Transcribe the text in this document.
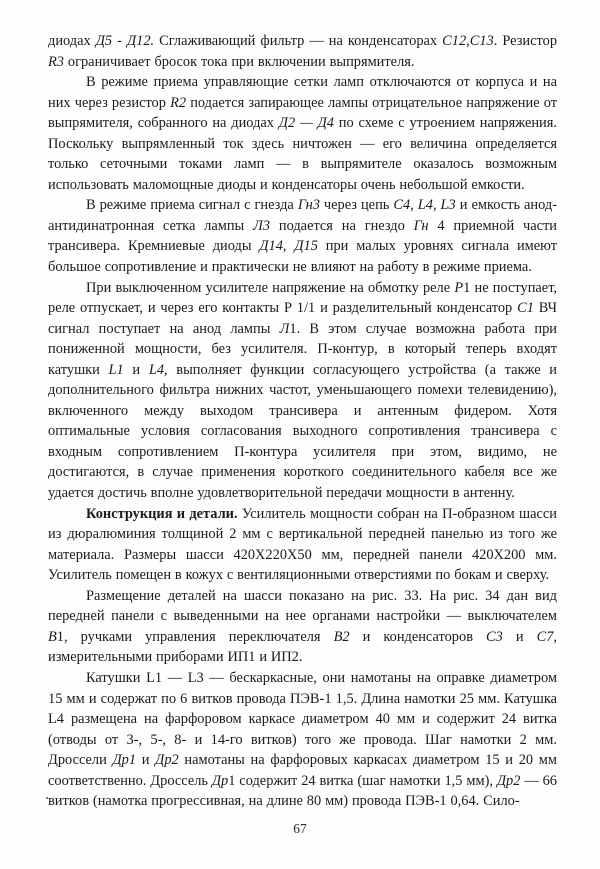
диодах Д5 - Д12. Сглаживающий фильтр — на конденсаторах C12,C13. Резистор R3 ограничивает бросок тока при включении выпрямителя.

В режиме приема управляющие сетки ламп отключаются от корпуса и на них через резистор R2 подается запирающее лампы отрицательное напряжение от выпрямителя, собранного на диодах Д2 — Д4 по схеме с утроением напряжения. Поскольку выпрямленный ток здесь ничтожен — его величина определяется только сеточными токами ламп — в выпрямителе оказалось возможным использовать маломощные диоды и конденсаторы очень небольшой емкости.

В режиме приема сигнал с гнезда Гн3 через цепь C4, L4, L3 и емкость анод-антидинатронная сетка лампы Л3 подается на гнездо Гн 4 приемной части трансивера. Кремниевые диоды Д14, Д15 при малых уровнях сигнала имеют большое сопротивление и практически не влияют на работу в режиме приема.

При выключенном усилителе напряжение на обмотку реле P1 не поступает, реле отпускает, и через его контакты Р 1/1 и разделительный конденсатор C1 ВЧ сигнал поступает на анод лампы Л1. В этом случае возможна работа при пониженной мощности, без усилителя. П-контур, в который теперь входят катушки L1 и L4, выполняет функции согласующего устройства (а также и дополнительного фильтра нижних частот, уменьшающего помехи телевидению), включенного между выходом трансивера и антенным фидером. Хотя оптимальные условия согласования выходного сопротивления трансивера с входным сопротивлением П-контура усилителя при этом, видимо, не достигаются, в случае применения короткого соединительного кабеля все же удается достичь вполне удовлетворительной передачи мощности в антенну.

Конструкция и детали. Усилитель мощности собран на П-образном шасси из дюралюминия толщиной 2 мм с вертикальной передней панелью из того же материала. Размеры шасси 420Х220Х50 мм, передней панели 420Х200 мм. Усилитель помещен в кожух с вентиляционными отверстиями по бокам и сверху.

Размещение деталей на шасси показано на рис. 33. На рис. 34 дан вид передней панели с выведенными на нее органами настройки — выключателем B1, ручками управления переключателя B2 и конденсаторов C3 и C7, измерительными приборами ИП1 и ИП2.

Катушки L1 — L3 — бескаркасные, они намотаны на оправке диаметром 15 мм и содержат по 6 витков провода ПЭВ-1 1,5. Длина намотки 25 мм. Катушка L4 размещена на фарфоровом каркасе диаметром 40 мм и содержит 24 витка (отводы от 3-, 5-, 8- и 14-го витков) того же провода. Шаг намотки 2 мм. Дроссели Др1 и Др2 намотаны на фарфоровых каркасах диаметром 15 и 20 мм соответственно. Дроссель Др1 содержит 24 витка (шаг намотки 1,5 мм), Др2 — 66 витков (намотка прогрессивная, на длине 80 мм) провода ПЭВ-1 0,64. Сило-

67
